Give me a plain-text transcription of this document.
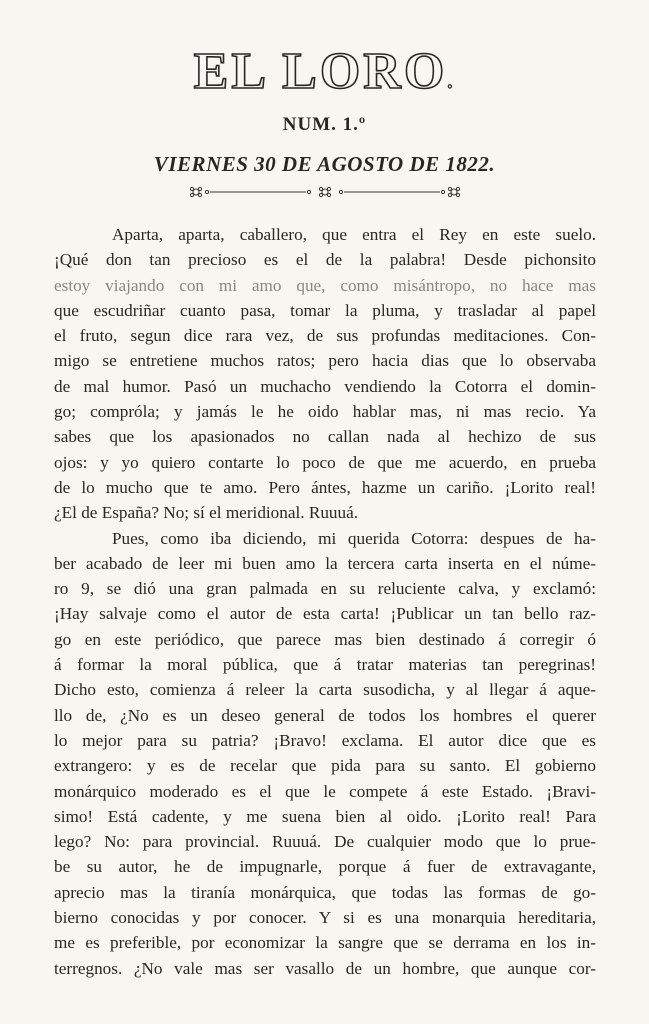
EL LORO.
NUM. 1.º
VIERNES 30 DE AGOSTO DE 1822.
Aparta, aparta, caballero, que entra el Rey en este suelo.
¡Qué don tan precioso es el de la palabra! Desde pichonsito
estoy viajando con mi amo que, como misántropo, no hace mas
que escudriñar cuanto pasa, tomar la pluma, y trasladar al papel
el fruto, segun dice rara vez, de sus profundas meditaciones. Con-
migo se entretiene muchos ratos; pero hacia dias que lo observaba
de mal humor. Pasó un muchacho vendiendo la Cotorra el domin-
go; compróla; y jamás le he oido hablar mas, ni mas recio. Ya
sabes que los apasionados no callan nada al hechizo de sus
ojos: y yo quiero contarte lo poco de que me acuerdo, en prueba
de lo mucho que te amo. Pero ántes, hazme un cariño. ¡Lorito real!
¿El de España? No; sí el meridional. Ruuuá.
Pues, como iba diciendo, mi querida Cotorra: despues de ha-
ber acabado de leer mi buen amo la tercera carta inserta en el núme-
ro 9, se dió una gran palmada en su reluciente calva, y exclamó:
¡Hay salvaje como el autor de esta carta! ¡Publicar un tan bello raz-
go en este periódico, que parece mas bien destinado á corregir ó
á formar la moral pública, que á tratar materias tan peregrinas!
Dicho esto, comienza á releer la carta susodicha, y al llegar á aque-
llo de, ¿No es un deseo general de todos los hombres el querer
lo mejor para su patria? ¡Bravo! exclama. El autor dice que es
extrangero: y es de recelar que pida para su santo. El gobierno
monárquico moderado es el que le compete á este Estado. ¡Bravi-
simo! Está cadente, y me suena bien al oido. ¡Lorito real! Para
lego? No: para provincial. Ruuuá. De cualquier modo que lo prue-
be su autor, he de impugnarle, porque á fuer de extravagante,
aprecio mas la tiranía monárquica, que todas las formas de go-
bierno conocidas y por conocer. Y si es una monarquia hereditaria,
me es preferible, por economizar la sangre que se derrama en los in-
terregnos. ¿No vale mas ser vasallo de un hombre, que aunque cor-
